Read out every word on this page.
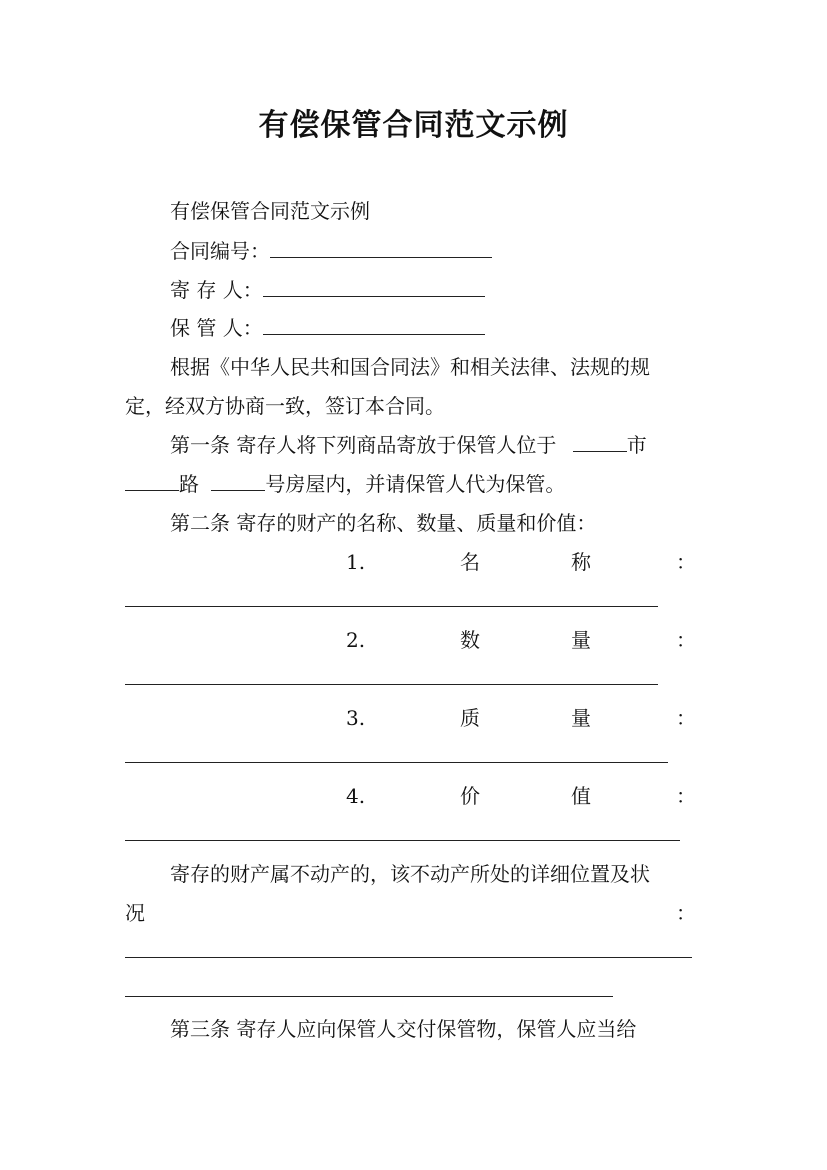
有偿保管合同范文示例
有偿保管合同范文示例
合同编号：
寄 存 人：
保 管 人：
根据《中华人民共和国合同法》和相关法律、法规的规
定，经双方协商一致，签订本合同。
第一条 寄存人将下列商品寄放于保管人位于	市
路	号房屋内，并请保管人代为保管。
第二条 寄存的财产的名称、数量、质量和价值：
1.	名	称	：
2.	数	量	：
3.	质	量	：
4.	价	值	：
寄存的财产属不动产的，该不动产所处的详细位置及状
况	：
第三条 寄存人应向保管人交付保管物，保管人应当给
